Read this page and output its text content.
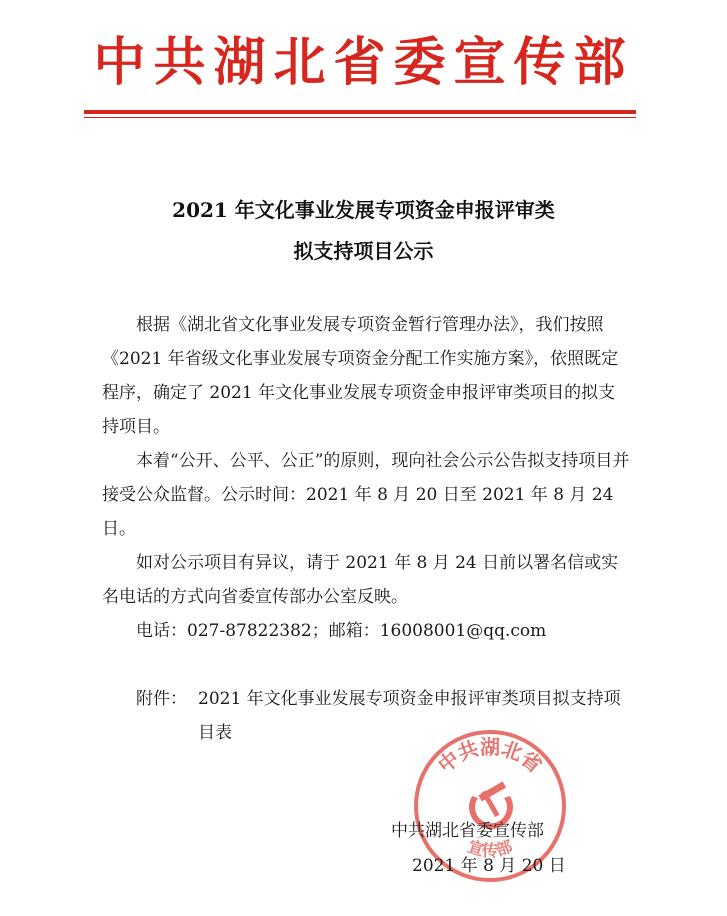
中共湖北省委宣传部
2021 年文化事业发展专项资金申报评审类
拟支持项目公示
根据《湖北省文化事业发展专项资金暂行管理办法》，我们按照《2021 年省级文化事业发展专项资金分配工作实施方案》，依照既定程序，确定了 2021 年文化事业发展专项资金申报评审类项目的拟支持项目。
本着“公开、公平、公正”的原则，现向社会公示公告拟支持项目并接受公众监督。公示时间：2021 年 8 月 20 日至 2021 年 8 月 24 日。
如对公示项目有异议，请于 2021 年 8 月 24 日前以署名信或实名电话的方式向省委宣传部办公室反映。
电话：027-87822382；邮箱：16008001@qq.com
附件： 2021 年文化事业发展专项资金申报评审类项目拟支持项目表
中共湖北省
宣传部
中共湖北省委宣传部
2021 年 8 月 20 日
